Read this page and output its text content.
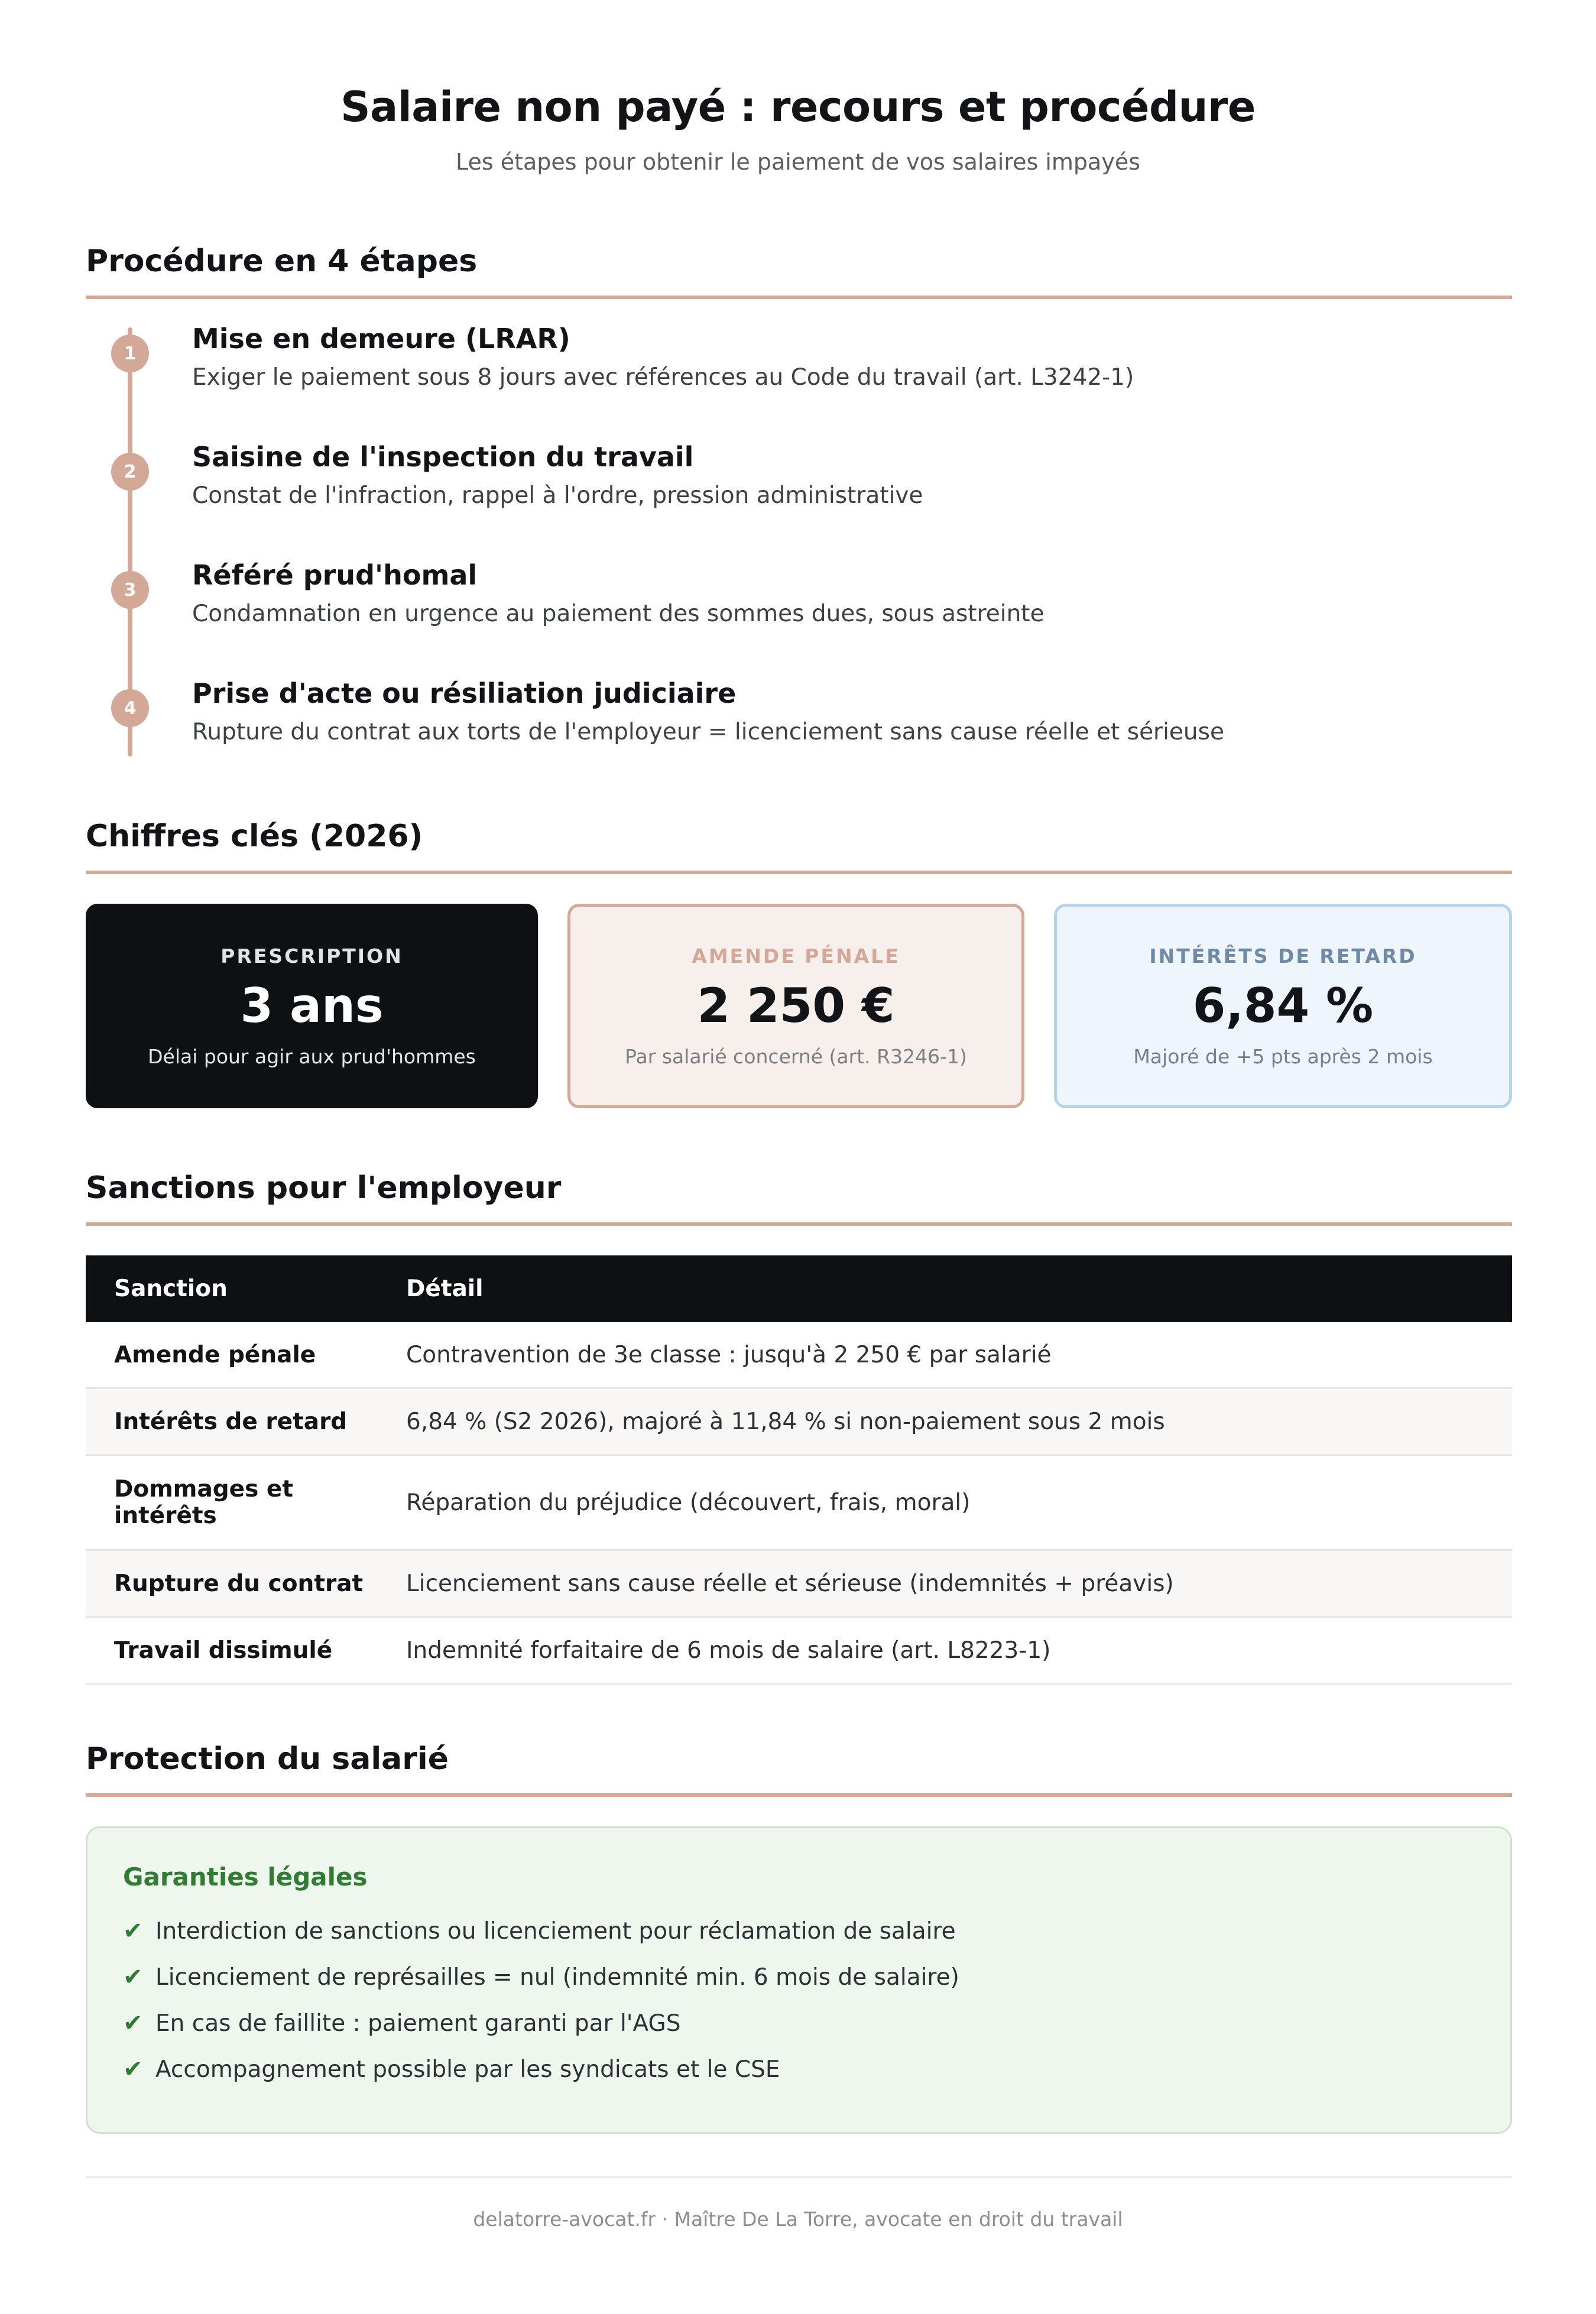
Salaire non payé : recours et procédure
Les étapes pour obtenir le paiement de vos salaires impayés
Procédure en 4 étapes
1	Mise en demeure (LRAR)
Exiger le paiement sous 8 jours avec références au Code du travail (art. L3242-1)
2	Saisine de l'inspection du travail
Constat de l'infraction, rappel à l'ordre, pression administrative
3	Référé prud'homal
Condamnation en urgence au paiement des sommes dues, sous astreinte
4	Prise d'acte ou résiliation judiciaire
Rupture du contrat aux torts de l'employeur = licenciement sans cause réelle et sérieuse
Chiffres clés (2026)
PRESCRIPTION
3 ans
Délai pour agir aux prud'hommes
AMENDE PÉNALE
2 250 €
Par salarié concerné (art. R3246-1)
INTÉRÊTS DE RETARD
6,84 %
Majoré de +5 pts après 2 mois
Sanctions pour l'employeur
Sanction	Détail
Amende pénale	Contravention de 3e classe : jusqu'à 2 250 € par salarié
Intérêts de retard	6,84 % (S2 2026), majoré à 11,84 % si non-paiement sous 2 mois
Dommages et intérêts	Réparation du préjudice (découvert, frais, moral)
Rupture du contrat	Licenciement sans cause réelle et sérieuse (indemnités + préavis)
Travail dissimulé	Indemnité forfaitaire de 6 mois de salaire (art. L8223-1)
Protection du salarié
Garanties légales
✔ Interdiction de sanctions ou licenciement pour réclamation de salaire
✔ Licenciement de représailles = nul (indemnité min. 6 mois de salaire)
✔ En cas de faillite : paiement garanti par l'AGS
✔ Accompagnement possible par les syndicats et le CSE
delatorre-avocat.fr · Maître De La Torre, avocate en droit du travail
